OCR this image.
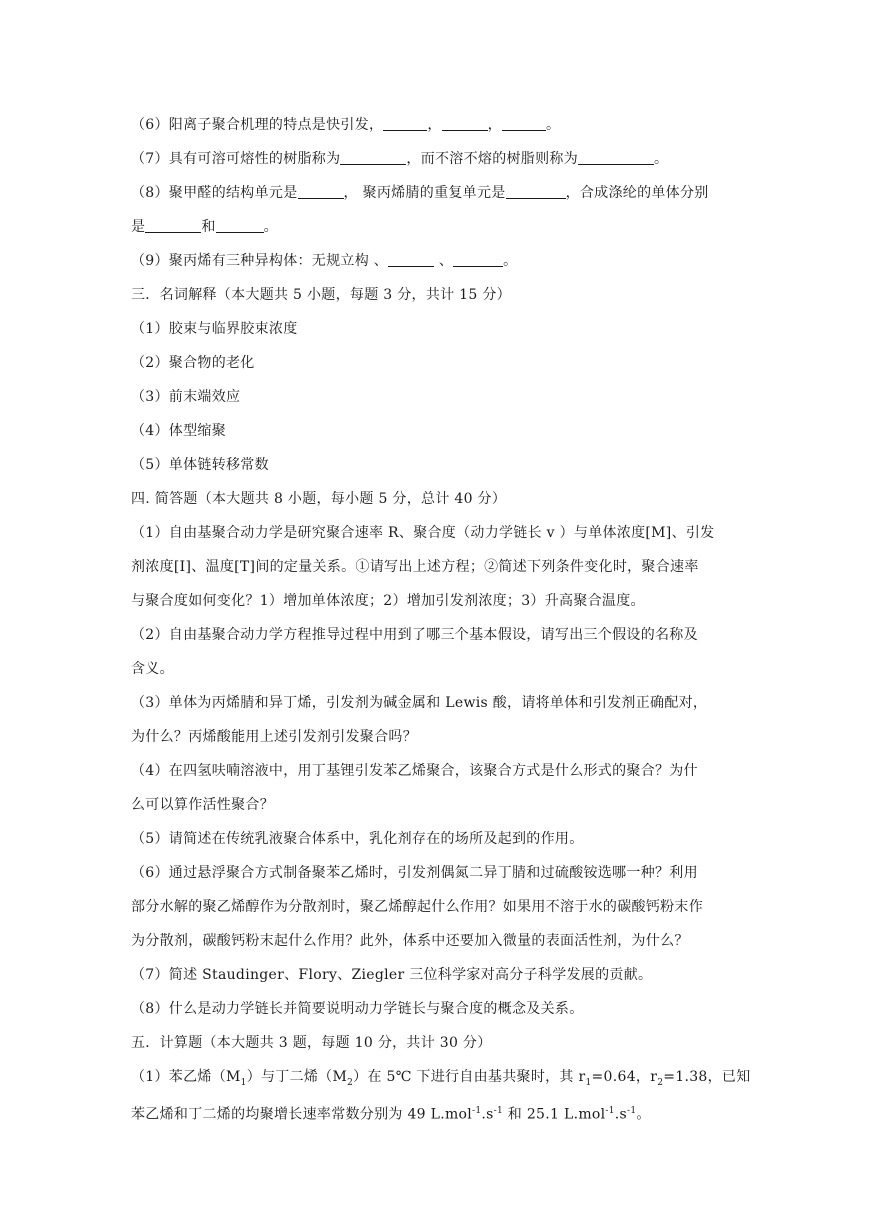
（6）阳离子聚合机理的特点是快引发，	，	，	。
（7）具有可溶可熔性的树脂称为	，而不溶不熔的树脂则称为	。
（8）聚甲醛的结构单元是	， 聚丙烯腈的重复单元是	，合成涤纶的单体分别
是	和	。
（9）聚丙烯有三种异构体：无规立构 、	、	。
三．名词解释（本大题共 5 小题，每题 3 分，共计 15 分）
（1）胶束与临界胶束浓度
（2）聚合物的老化
（3）前末端效应
（4）体型缩聚
（5）单体链转移常数
四. 简答题（本大题共 8 小题，每小题 5 分，总计 40 分）
（1）自由基聚合动力学是研究聚合速率 R、聚合度（动力学链长 v ）与单体浓度[M]、引发
剂浓度[I]、温度[T]间的定量关系。①请写出上述方程；②简述下列条件变化时，聚合速率
与聚合度如何变化？1）增加单体浓度；2）增加引发剂浓度；3）升高聚合温度。
（2）自由基聚合动力学方程推导过程中用到了哪三个基本假设，请写出三个假设的名称及
含义。
（3）单体为丙烯腈和异丁烯，引发剂为碱金属和 Lewis 酸，请将单体和引发剂正确配对，
为什么？丙烯酸能用上述引发剂引发聚合吗？
（4）在四氢呋喃溶液中，用丁基锂引发苯乙烯聚合，该聚合方式是什么形式的聚合？为什
么可以算作活性聚合？
（5）请简述在传统乳液聚合体系中，乳化剂存在的场所及起到的作用。
（6）通过悬浮聚合方式制备聚苯乙烯时，引发剂偶氮二异丁腈和过硫酸铵选哪一种？利用
部分水解的聚乙烯醇作为分散剂时，聚乙烯醇起什么作用？如果用不溶于水的碳酸钙粉末作
为分散剂，碳酸钙粉末起什么作用？此外，体系中还要加入微量的表面活性剂，为什么？
（7）简述 Staudinger、Flory、Ziegler 三位科学家对高分子科学发展的贡献。
（8）什么是动力学链长并简要说明动力学链长与聚合度的概念及关系。
五．计算题（本大题共 3 题，每题 10 分，共计 30 分）
（1）苯乙烯$(M_1)$与丁二烯$(M_2)$在 5℃ 下进行自由基共聚时，其 $r_1=0.64$，$r_2=1.38$，已知
苯乙烯和丁二烯的均聚增长速率常数分别为 49 $L.mol^{-1}.s^{-1}$ 和 25.1 $L.mol^{-1}.s^{-1}$。
